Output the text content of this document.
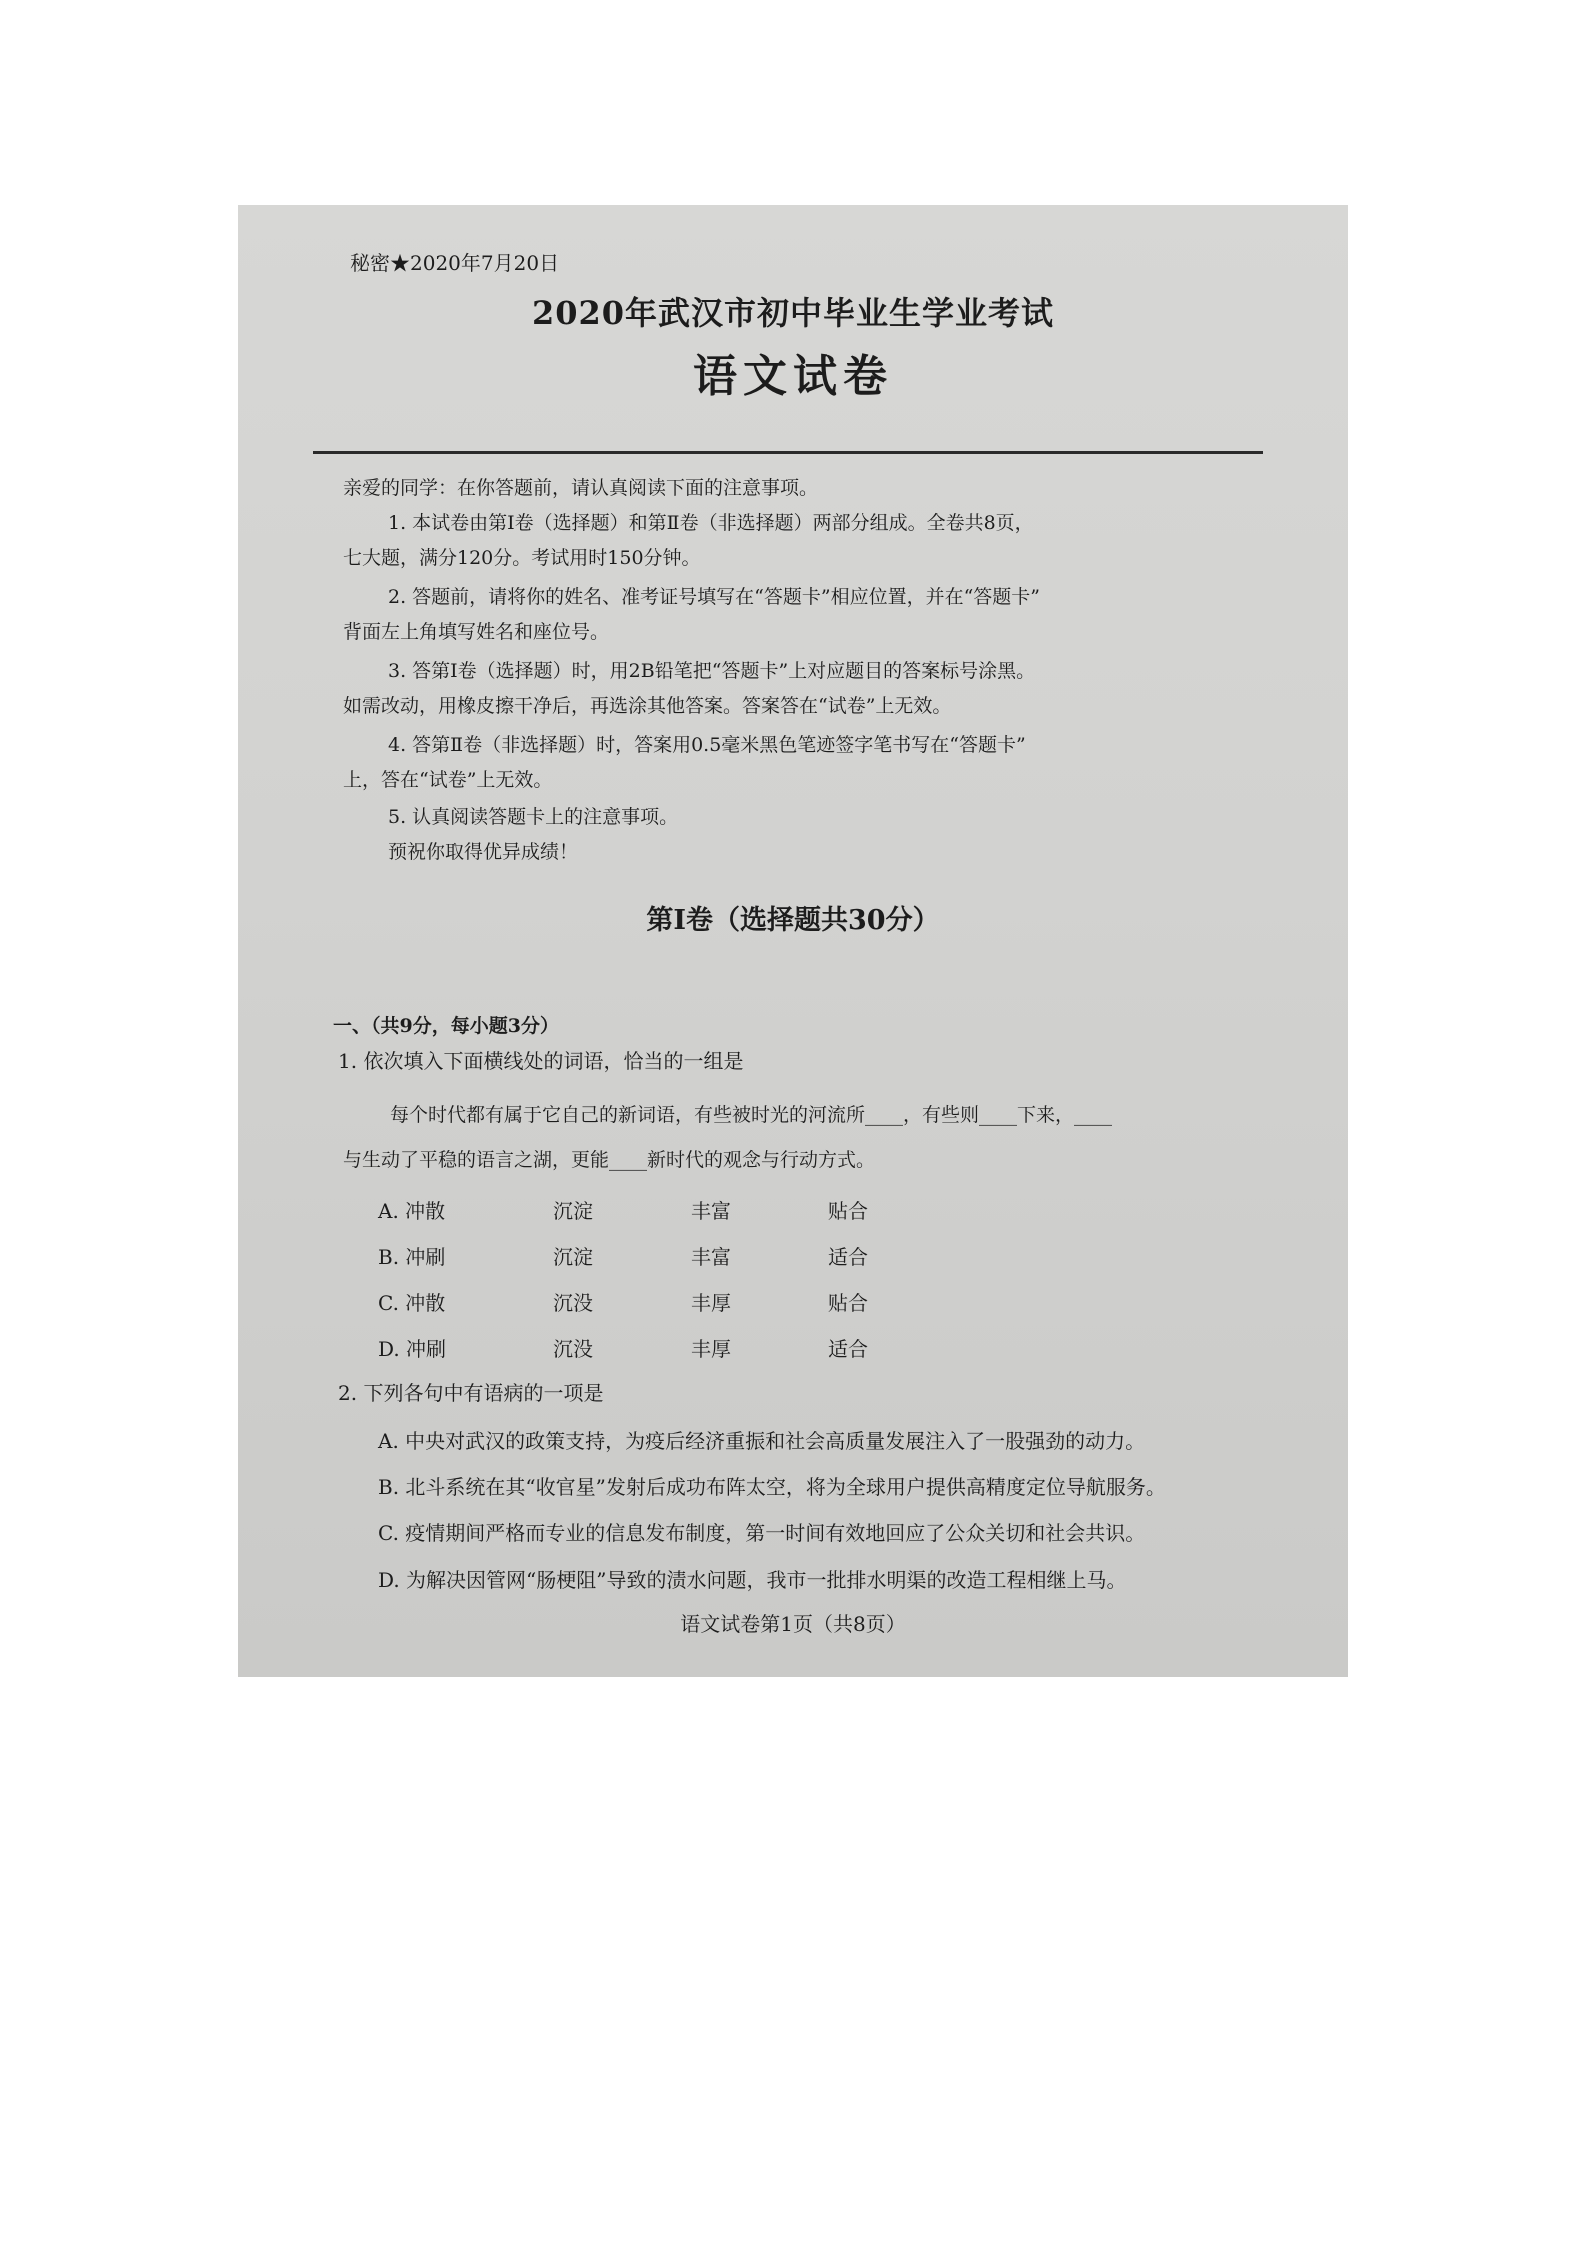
秘密★2020年7月20日
2020年武汉市初中毕业生学业考试
语文试卷
亲爱的同学：在你答题前，请认真阅读下面的注意事项。
1. 本试卷由第Ⅰ卷（选择题）和第Ⅱ卷（非选择题）两部分组成。全卷共8页，
七大题，满分120分。考试用时150分钟。
2. 答题前，请将你的姓名、准考证号填写在“答题卡”相应位置，并在“答题卡”
背面左上角填写姓名和座位号。
3. 答第Ⅰ卷（选择题）时，用2B铅笔把“答题卡”上对应题目的答案标号涂黑。
如需改动，用橡皮擦干净后，再选涂其他答案。答案答在“试卷”上无效。
4. 答第Ⅱ卷（非选择题）时，答案用0.5毫米黑色笔迹签字笔书写在“答题卡”
上，答在“试卷”上无效。
5. 认真阅读答题卡上的注意事项。
预祝你取得优异成绩！
第Ⅰ卷（选择题共30分）
一、（共9分，每小题3分）
1. 依次填入下面横线处的词语，恰当的一组是
每个时代都有属于它自己的新词语，有些被时光的河流所____，有些则____下来，____
与生动了平稳的语言之湖，更能____新时代的观念与行动方式。
A. 冲散	沉淀	丰富	贴合
B. 冲刷	沉淀	丰富	适合
C. 冲散	沉没	丰厚	贴合
D. 冲刷	沉没	丰厚	适合
2. 下列各句中有语病的一项是
A. 中央对武汉的政策支持，为疫后经济重振和社会高质量发展注入了一股强劲的动力。
B. 北斗系统在其“收官星”发射后成功布阵太空，将为全球用户提供高精度定位导航服务。
C. 疫情期间严格而专业的信息发布制度，第一时间有效地回应了公众关切和社会共识。
D. 为解决因管网“肠梗阻”导致的渍水问题，我市一批排水明渠的改造工程相继上马。
语文试卷第1页（共8页）
